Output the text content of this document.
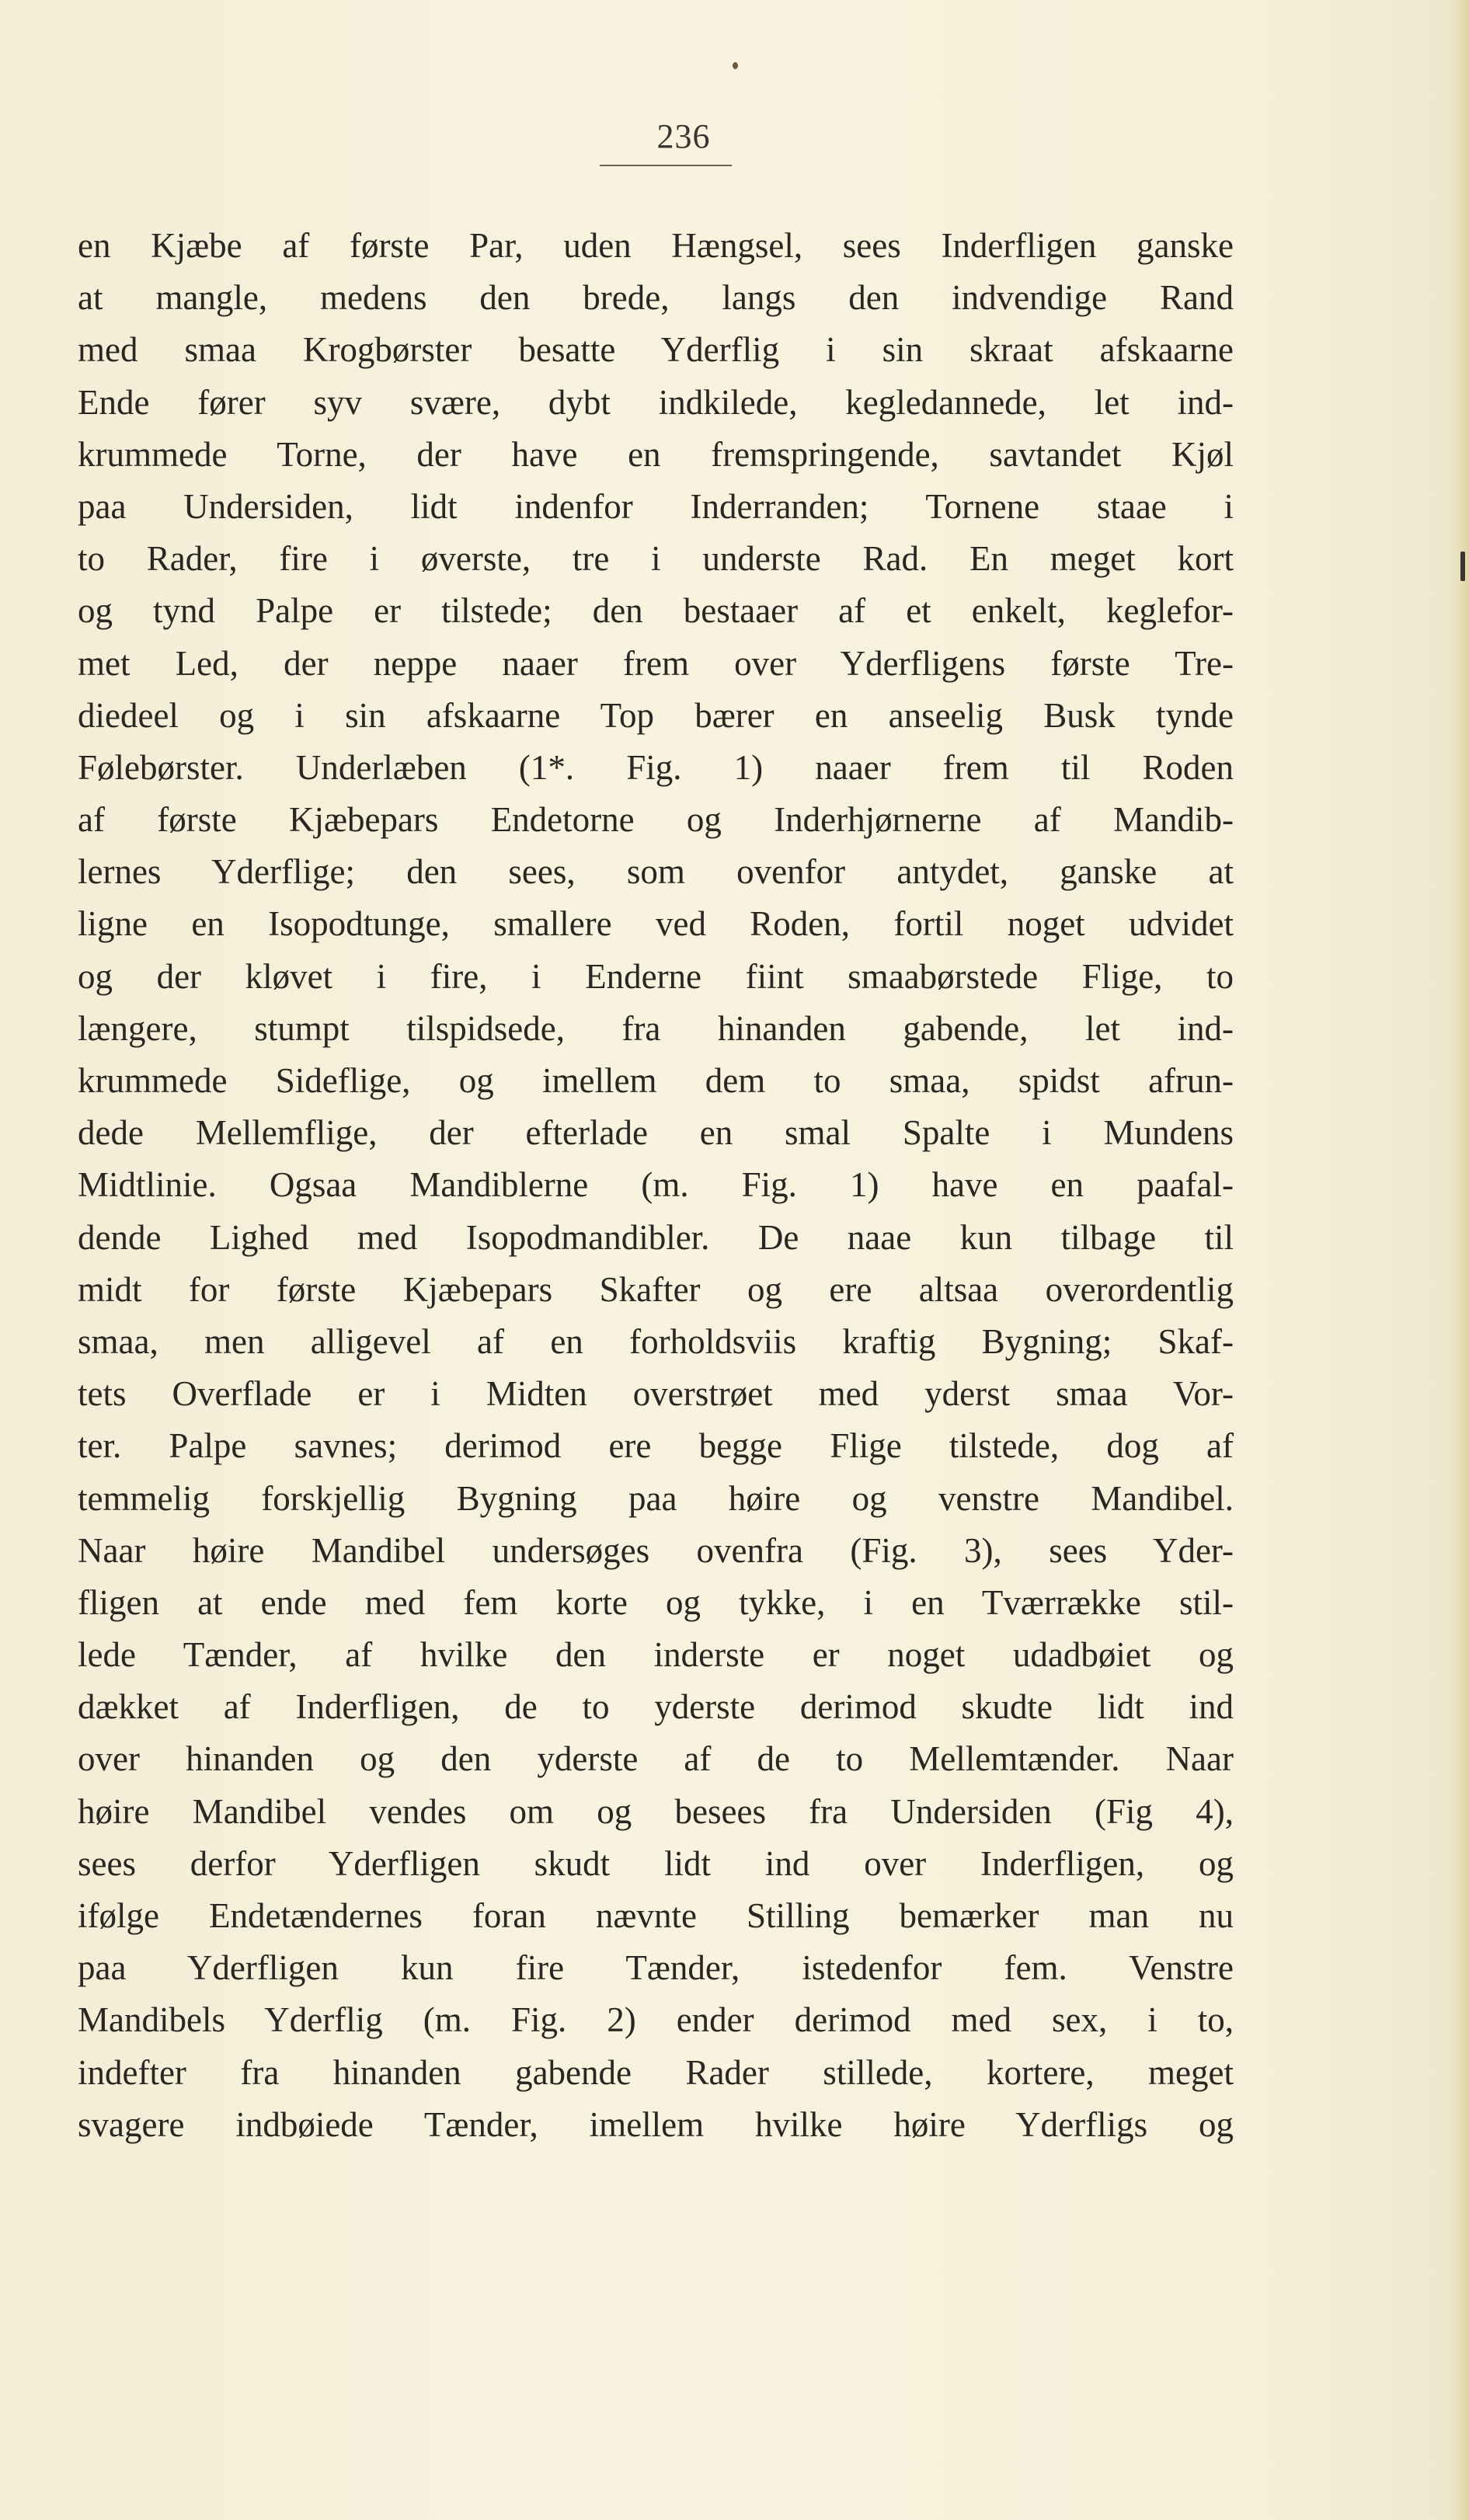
236
en Kjæbe af første Par, uden Hængsel, sees Inderfligen ganske
at mangle, medens den brede, langs den indvendige Rand
med smaa Krogbørster besatte Yderflig i sin skraat afskaarne
Ende fører syv svære, dybt indkilede, kegledannede, let ind-
krummede Torne, der have en fremspringende, savtandet Kjøl
paa Undersiden, lidt indenfor Inderranden; Tornene staae i
to Rader, fire i øverste, tre i underste Rad. En meget kort
og tynd Palpe er tilstede; den bestaaer af et enkelt, keglefor-
met Led, der neppe naaer frem over Yderfligens første Tre-
diedeel og i sin afskaarne Top bærer en anseelig Busk tynde
Følebørster. Underlæben (1*. Fig. 1) naaer frem til Roden
af første Kjæbepars Endetorne og Inderhjørnerne af Mandib-
lernes Yderflige; den sees, som ovenfor antydet, ganske at
ligne en Isopodtunge, smallere ved Roden, fortil noget udvidet
og der kløvet i fire, i Enderne fiint smaabørstede Flige, to
længere, stumpt tilspidsede, fra hinanden gabende, let ind-
krummede Sideflige, og imellem dem to smaa, spidst afrun-
dede Mellemflige, der efterlade en smal Spalte i Mundens
Midtlinie. Ogsaa Mandiblerne (m. Fig. 1) have en paafal-
dende Lighed med Isopodmandibler. De naae kun tilbage til
midt for første Kjæbepars Skafter og ere altsaa overordentlig
smaa, men alligevel af en forholdsviis kraftig Bygning; Skaf-
tets Overflade er i Midten overstrøet med yderst smaa Vor-
ter. Palpe savnes; derimod ere begge Flige tilstede, dog af
temmelig forskjellig Bygning paa høire og venstre Mandibel.
Naar høire Mandibel undersøges ovenfra (Fig. 3), sees Yder-
fligen at ende med fem korte og tykke, i en Tværrække stil-
lede Tænder, af hvilke den inderste er noget udadbøiet og
dækket af Inderfligen, de to yderste derimod skudte lidt ind
over hinanden og den yderste af de to Mellemtænder. Naar
høire Mandibel vendes om og besees fra Undersiden (Fig 4),
sees derfor Yderfligen skudt lidt ind over Inderfligen, og
ifølge Endetændernes foran nævnte Stilling bemærker man nu
paa Yderfligen kun fire Tænder, istedenfor fem. Venstre
Mandibels Yderflig (m. Fig. 2) ender derimod med sex, i to,
indefter fra hinanden gabende Rader stillede, kortere, meget
svagere indbøiede Tænder, imellem hvilke høire Yderfligs og
